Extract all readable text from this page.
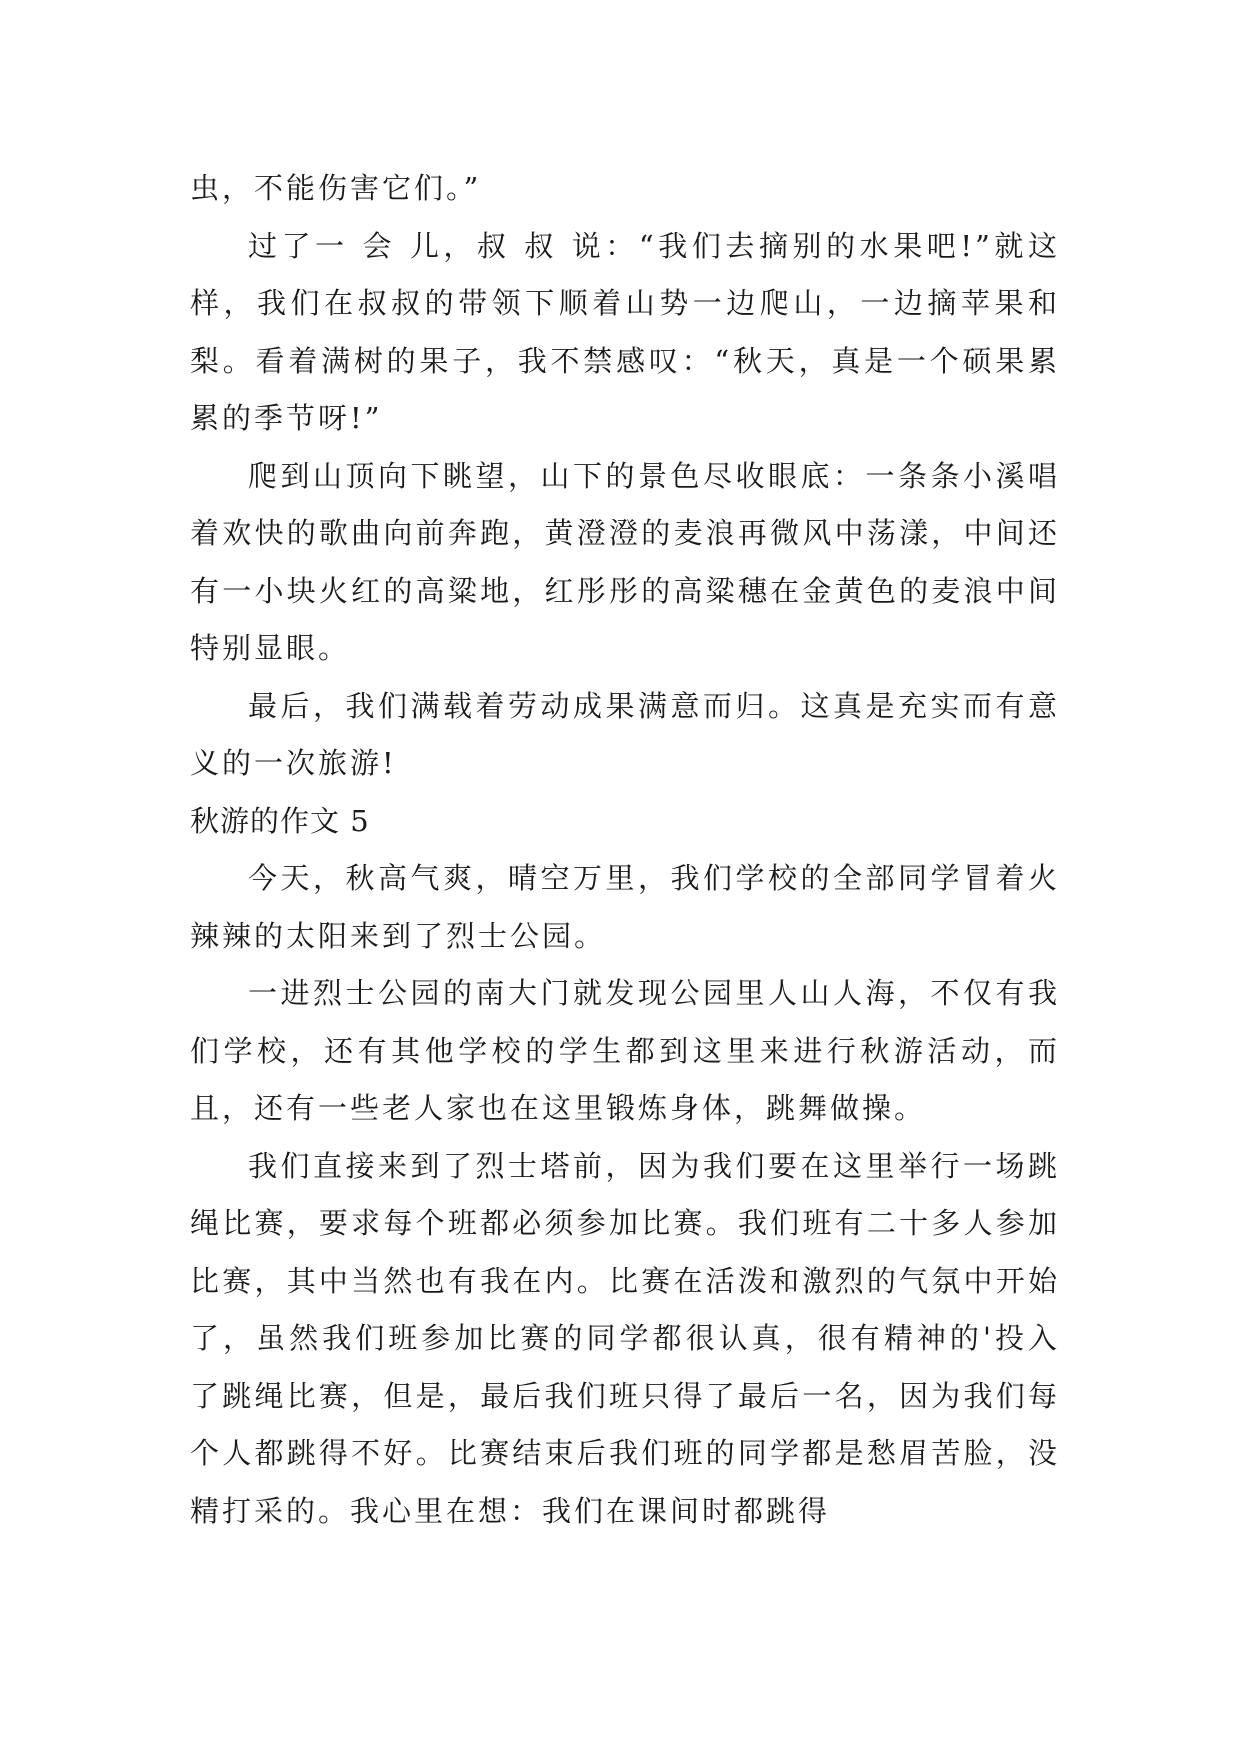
虫，不能伤害它们。”

过了一 会 儿，叔 叔 说：“我们去摘别的水果吧!”就这样，我们在叔叔的带领下顺着山势一边爬山，一边摘苹果和梨。看着满树的果子，我不禁感叹：“秋天，真是一个硕果累累的季节呀!”

爬到山顶向下眺望，山下的景色尽收眼底：一条条小溪唱着欢快的歌曲向前奔跑，黄澄澄的麦浪再微风中荡漾，中间还有一小块火红的高粱地，红彤彤的高粱穗在金黄色的麦浪中间特别显眼。

最后，我们满载着劳动成果满意而归。这真是充实而有意义的一次旅游!

秋游的作文 5

今天，秋高气爽，晴空万里，我们学校的全部同学冒着火辣辣的太阳来到了烈士公园。

一进烈士公园的南大门就发现公园里人山人海，不仅有我们学校，还有其他学校的学生都到这里来进行秋游活动，而且，还有一些老人家也在这里锻炼身体，跳舞做操。

我们直接来到了烈士塔前，因为我们要在这里举行一场跳绳比赛，要求每个班都必须参加比赛。我们班有二十多人参加比赛，其中当然也有我在内。比赛在活泼和激烈的气氛中开始了，虽然我们班参加比赛的同学都很认真，很有精神的'投入了跳绳比赛，但是，最后我们班只得了最后一名，因为我们每个人都跳得不好。比赛结束后我们班的同学都是愁眉苦脸，没精打采的。我心里在想：我们在课间时都跳得
